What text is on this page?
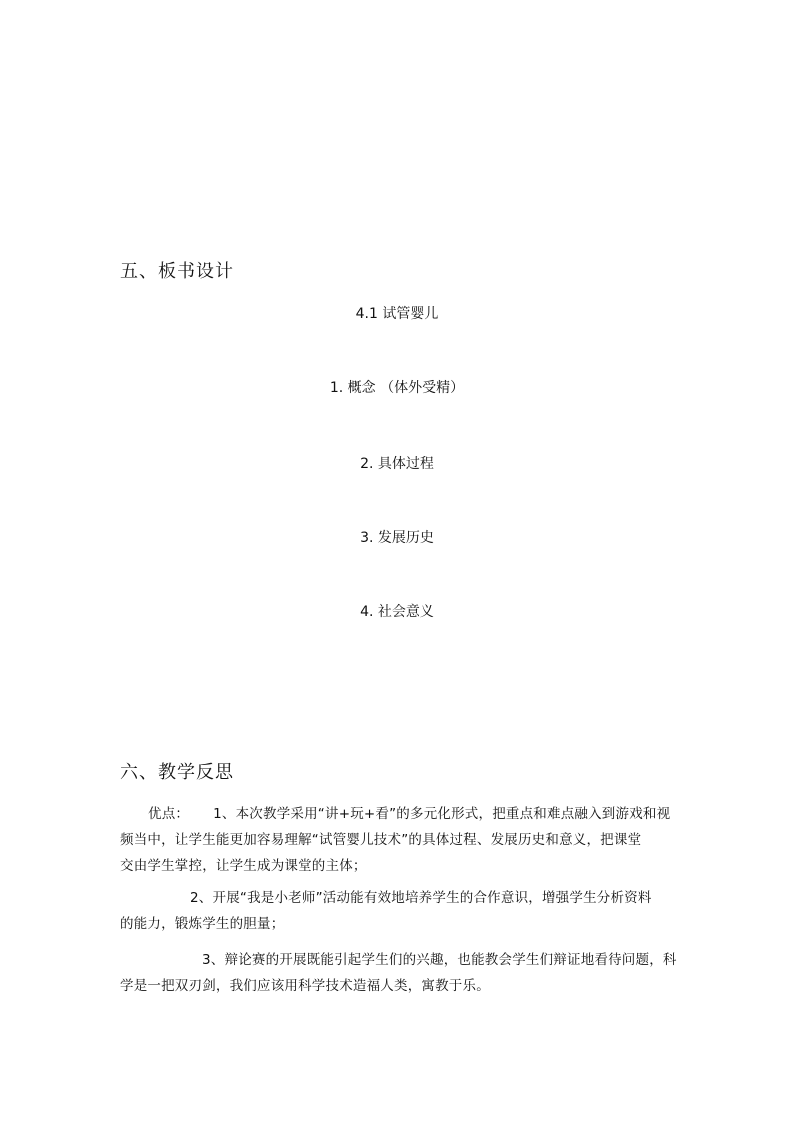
五、板书设计
4.1 试管婴儿
1. 概念 （体外受精）
2. 具体过程
3. 发展历史
4. 社会意义
六、教学反思
优点： 1、本次教学采用“讲+玩+看”的多元化形式，把重点和难点融入到游戏和视
频当中，让学生能更加容易理解“试管婴儿技术”的具体过程、发展历史和意义，把课堂
交由学生掌控，让学生成为课堂的主体；
2、开展“我是小老师”活动能有效地培养学生的合作意识，增强学生分析资料
的能力，锻炼学生的胆量；
3、辩论赛的开展既能引起学生们的兴趣，也能教会学生们辩证地看待问题，科
学是一把双刃剑，我们应该用科学技术造福人类，寓教于乐。
